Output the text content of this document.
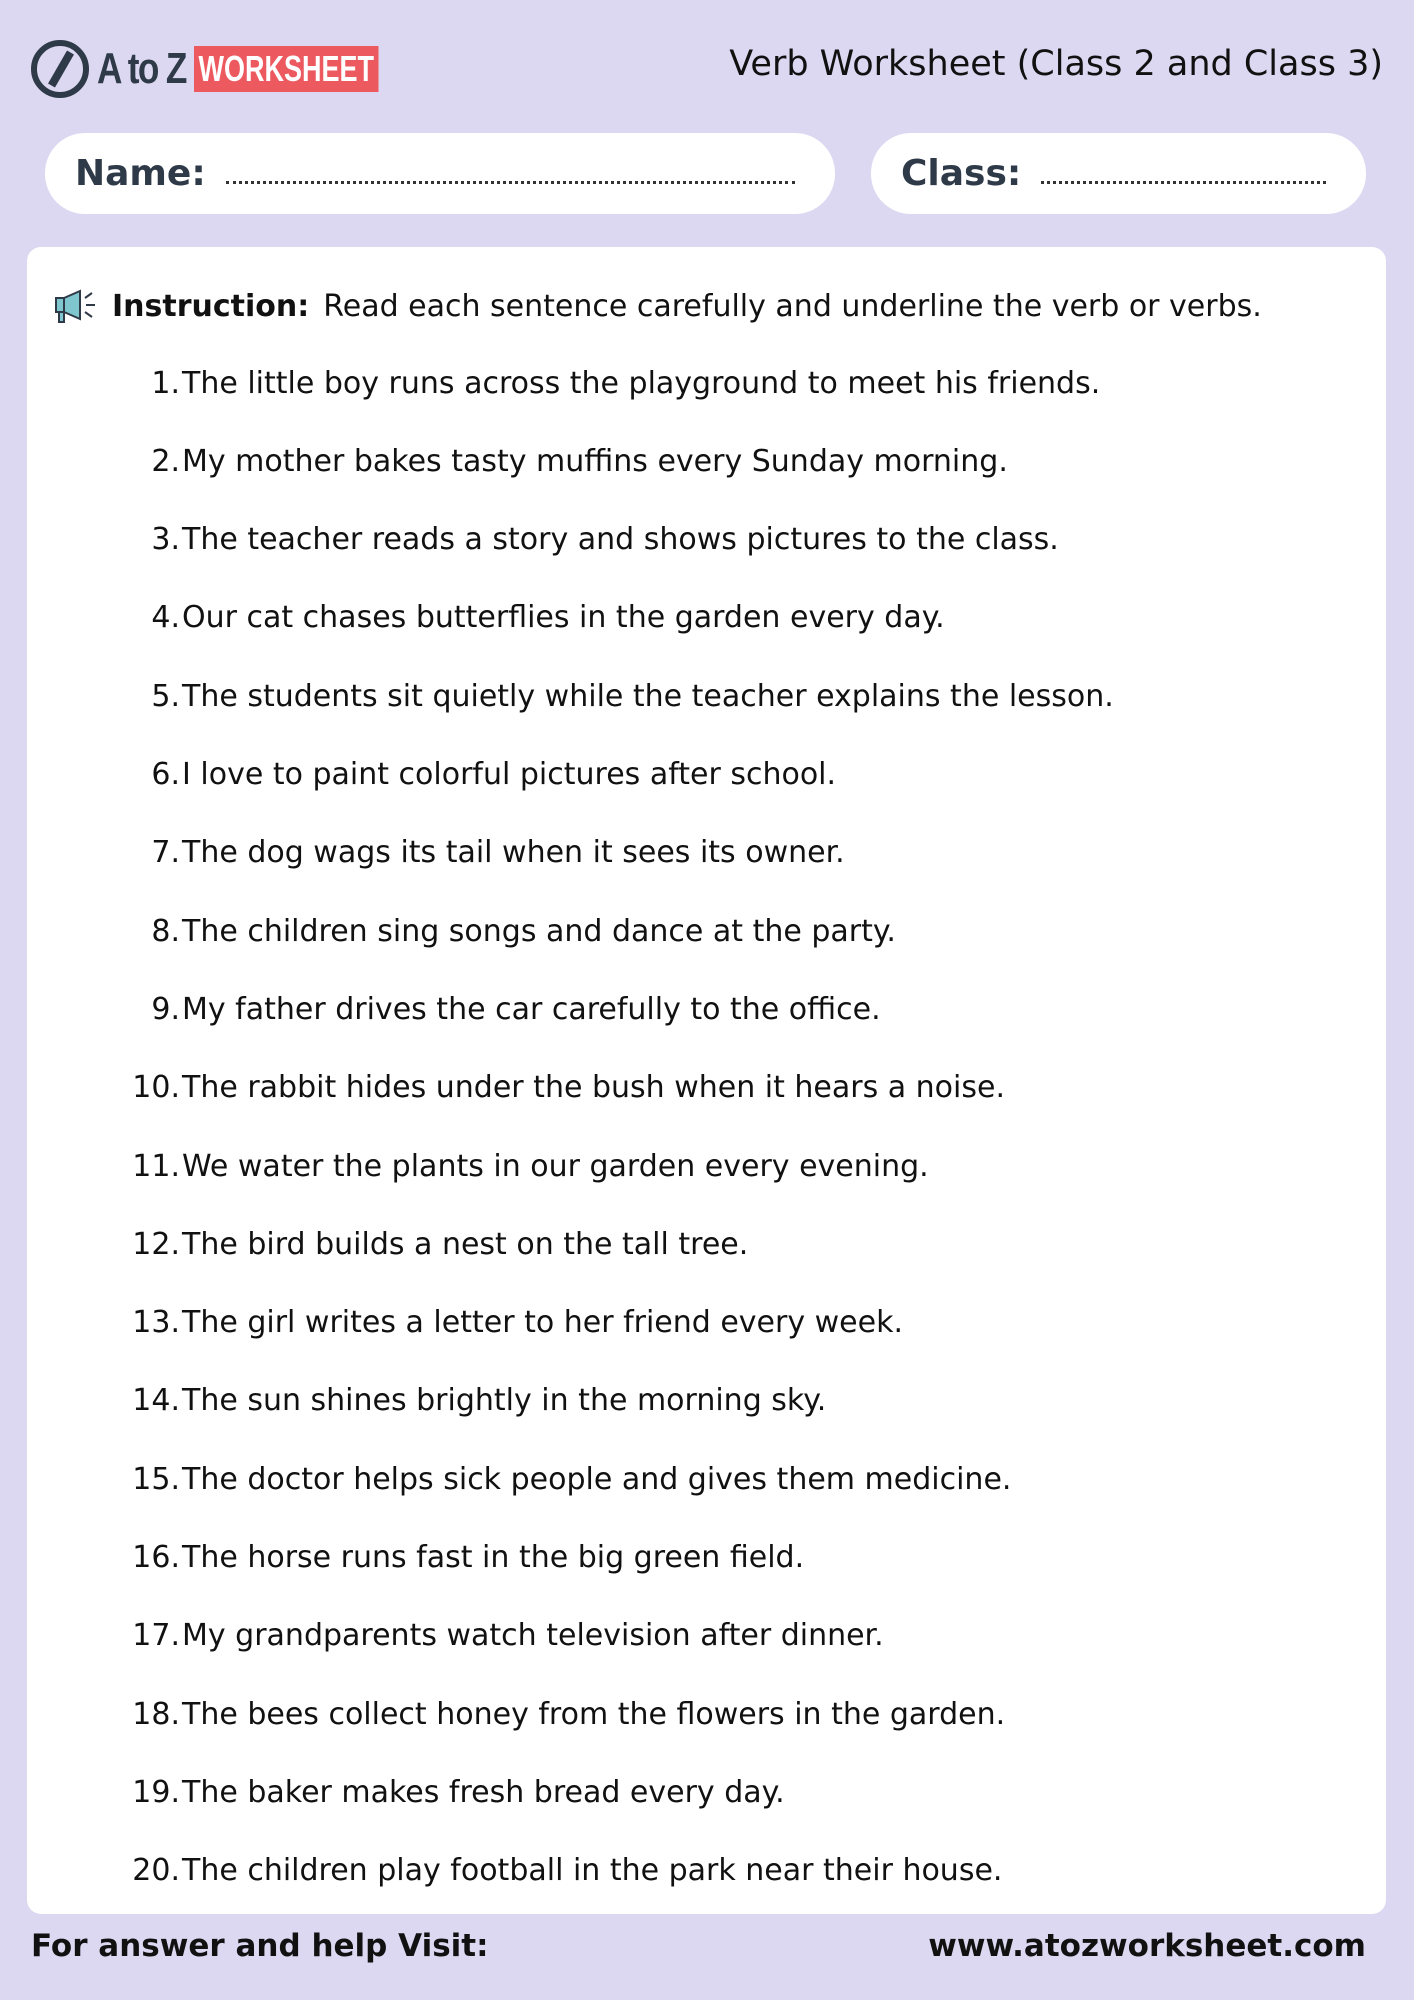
A to Z WORKSHEET	Verb Worksheet (Class 2 and Class 3)
Name:	Class:
Instruction: Read each sentence carefully and underline the verb or verbs.
1. The little boy runs across the playground to meet his friends.
2. My mother bakes tasty muffins every Sunday morning.
3. The teacher reads a story and shows pictures to the class.
4. Our cat chases butterflies in the garden every day.
5. The students sit quietly while the teacher explains the lesson.
6. I love to paint colorful pictures after school.
7. The dog wags its tail when it sees its owner.
8. The children sing songs and dance at the party.
9. My father drives the car carefully to the office.
10. The rabbit hides under the bush when it hears a noise.
11. We water the plants in our garden every evening.
12. The bird builds a nest on the tall tree.
13. The girl writes a letter to her friend every week.
14. The sun shines brightly in the morning sky.
15. The doctor helps sick people and gives them medicine.
16. The horse runs fast in the big green field.
17. My grandparents watch television after dinner.
18. The bees collect honey from the flowers in the garden.
19. The baker makes fresh bread every day.
20. The children play football in the park near their house.
For answer and help Visit:	www.atozworksheet.com
